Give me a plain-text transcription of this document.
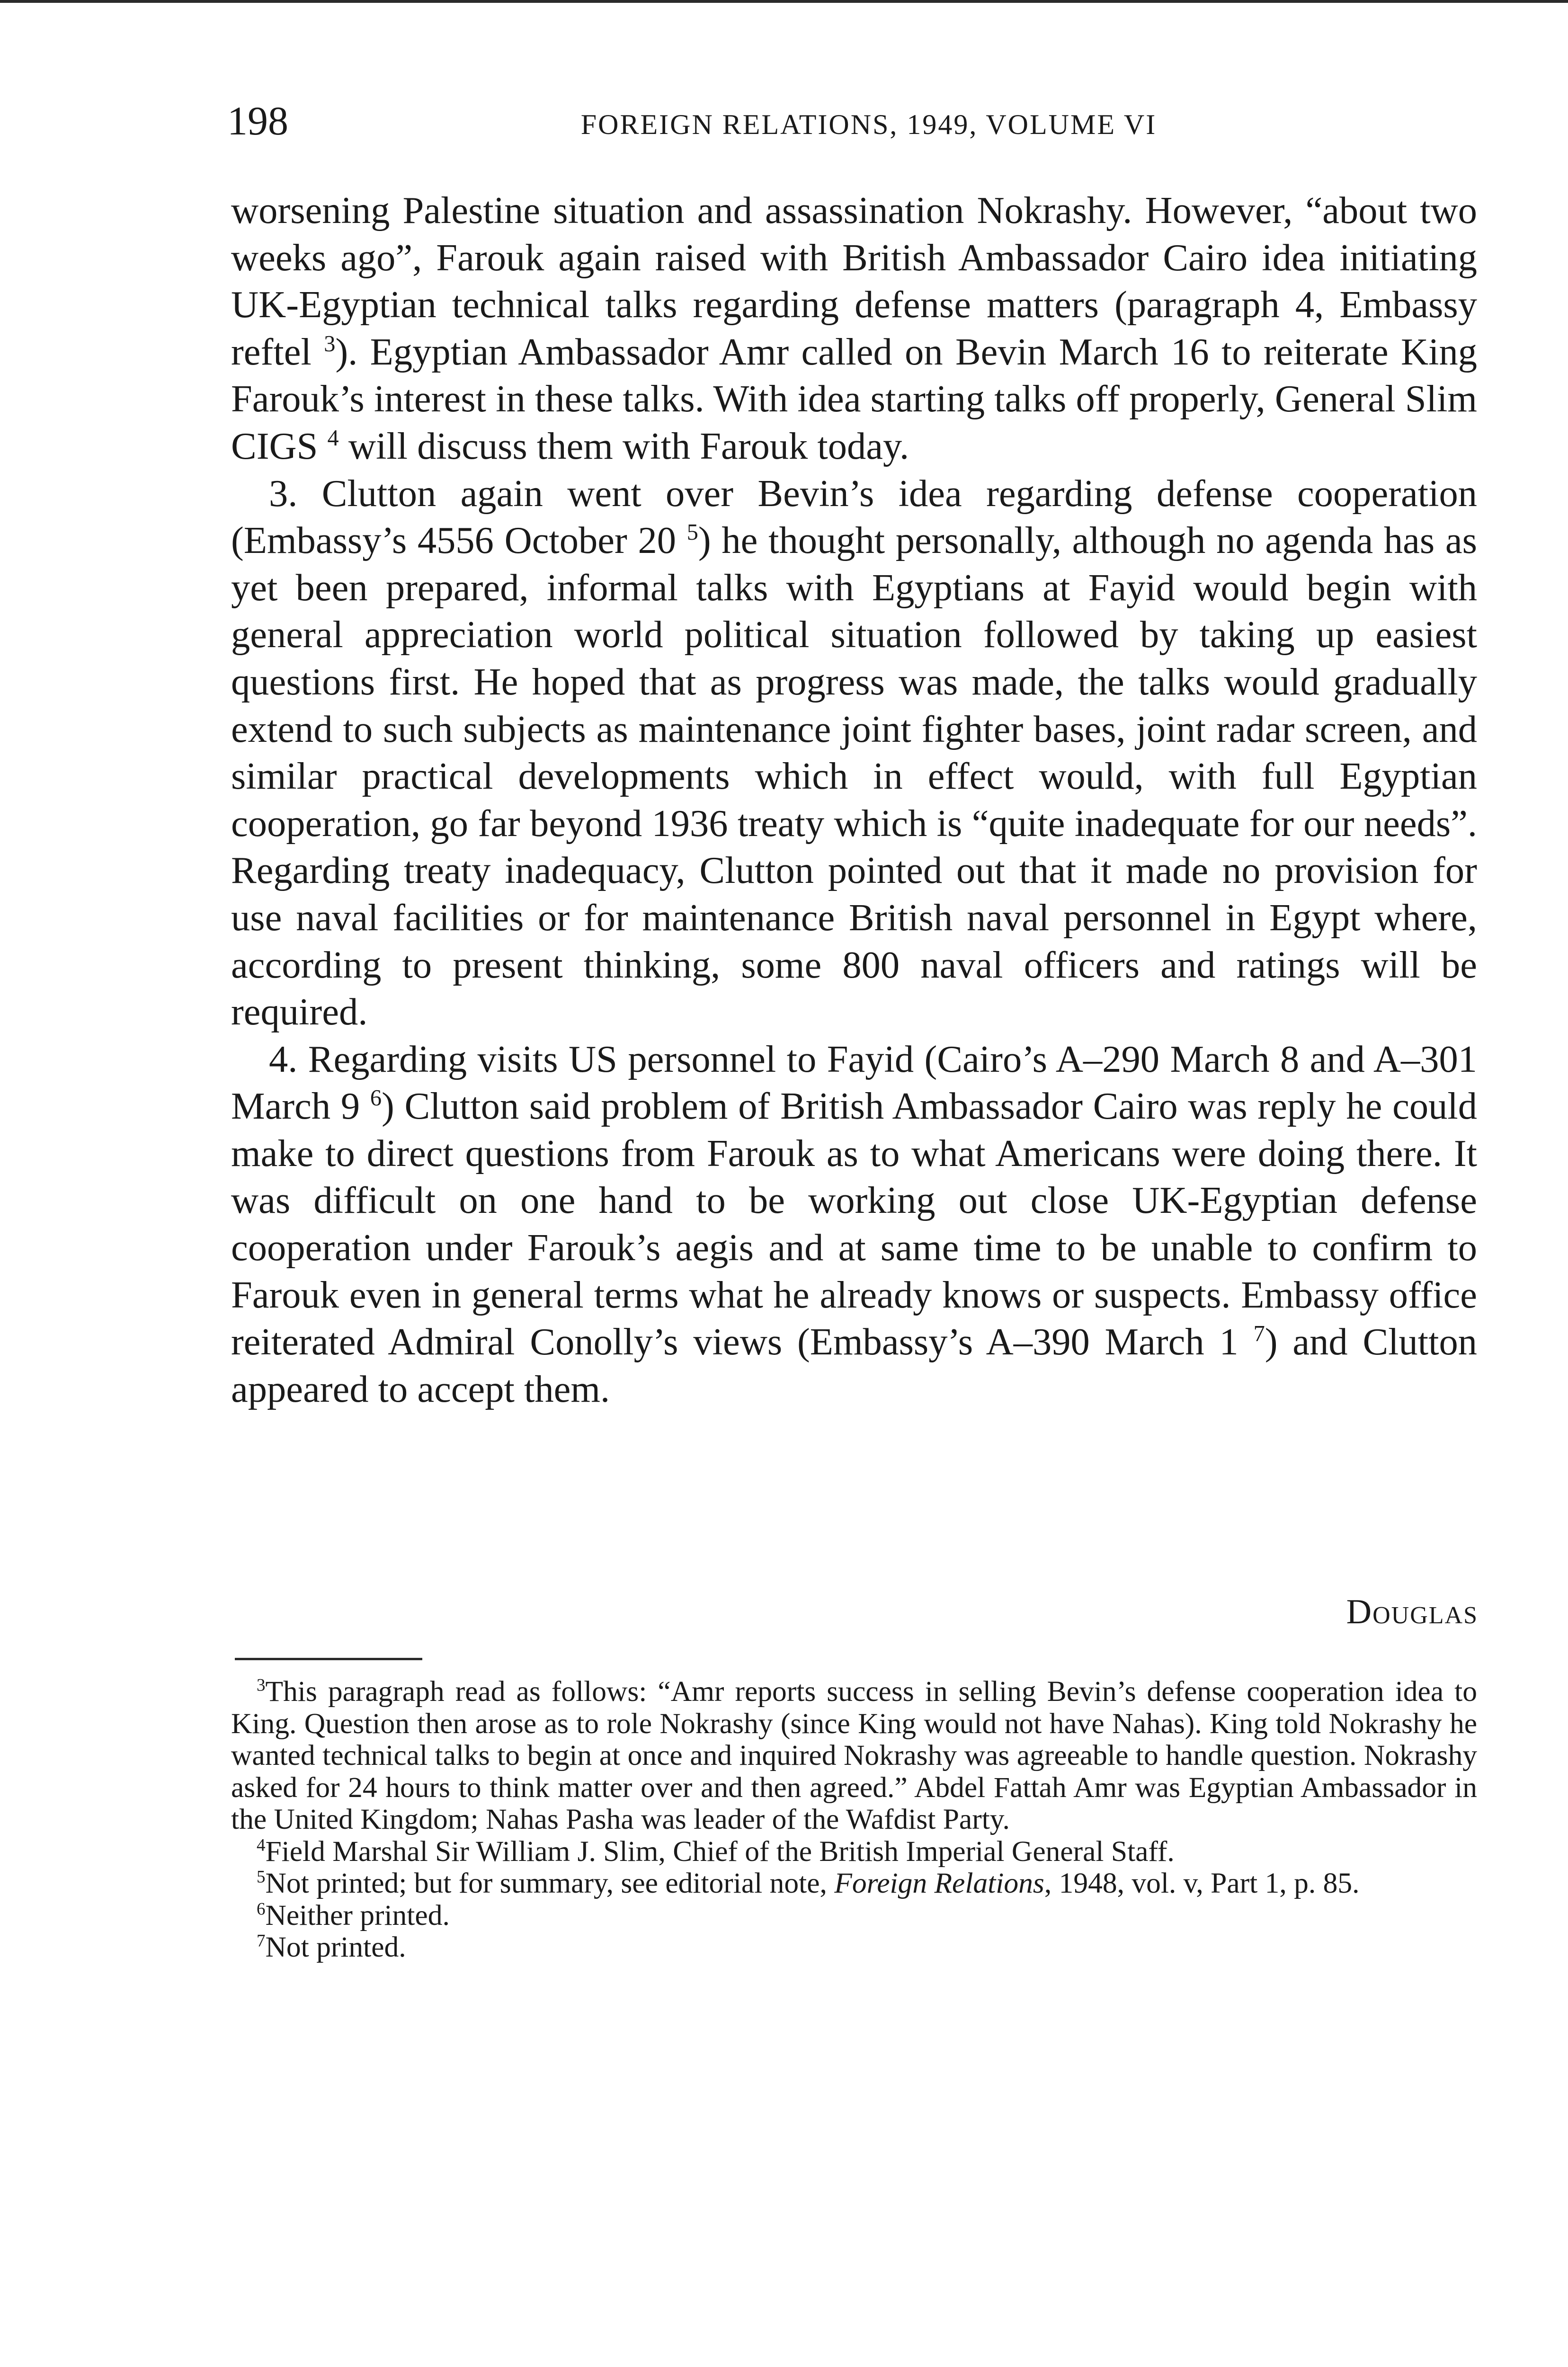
198	FOREIGN RELATIONS, 1949, VOLUME VI

worsening Palestine situation and assassination Nokrashy. However, “about two weeks ago”, Farouk again raised with British Ambassador Cairo idea initiating UK-Egyptian technical talks regarding defense matters (paragraph 4, Embassy reftel $^3$). Egyptian Ambassador Amr called on Bevin March 16 to reiterate King Farouk’s interest in these talks. With idea starting talks off properly, General Slim CIGS $^4$ will discuss them with Farouk today.

3. Clutton again went over Bevin’s idea regarding defense cooperation (Embassy’s 4556 October 20 $^5$) he thought personally, although no agenda has as yet been prepared, informal talks with Egyptians at Fayid would begin with general appreciation world political situation followed by taking up easiest questions first. He hoped that as progress was made, the talks would gradually extend to such subjects as maintenance joint fighter bases, joint radar screen, and similar practical developments which in effect would, with full Egyptian cooperation, go far beyond 1936 treaty which is “quite inadequate for our needs”. Regarding treaty inadequacy, Clutton pointed out that it made no provision for use naval facilities or for maintenance British naval personnel in Egypt where, according to present thinking, some 800 naval officers and ratings will be required.

4. Regarding visits US personnel to Fayid (Cairo’s A–290 March 8 and A–301 March 9 $^6$) Clutton said problem of British Ambassador Cairo was reply he could make to direct questions from Farouk as to what Americans were doing there. It was difficult on one hand to be working out close UK-Egyptian defense cooperation under Farouk’s aegis and at same time to be unable to confirm to Farouk even in general terms what he already knows or suspects. Embassy office reiterated Admiral Conolly’s views (Embassy’s A–390 March 1 $^7$) and Clutton appeared to accept them.

Douglas

$^3$This paragraph read as follows: “Amr reports success in selling Bevin’s defense cooperation idea to King. Question then arose as to role Nokrashy (since King would not have Nahas). King told Nokrashy he wanted technical talks to begin at once and inquired Nokrashy was agreeable to handle question. Nokrashy asked for 24 hours to think matter over and then agreed.” Abdel Fattah Amr was Egyptian Ambassador in the United Kingdom; Nahas Pasha was leader of the Wafdist Party.

$^4$Field Marshal Sir William J. Slim, Chief of the British Imperial General Staff.

$^5$Not printed; but for summary, see editorial note, Foreign Relations, 1948, vol. v, Part 1, p. 85.

$^6$Neither printed.

$^7$Not printed.
